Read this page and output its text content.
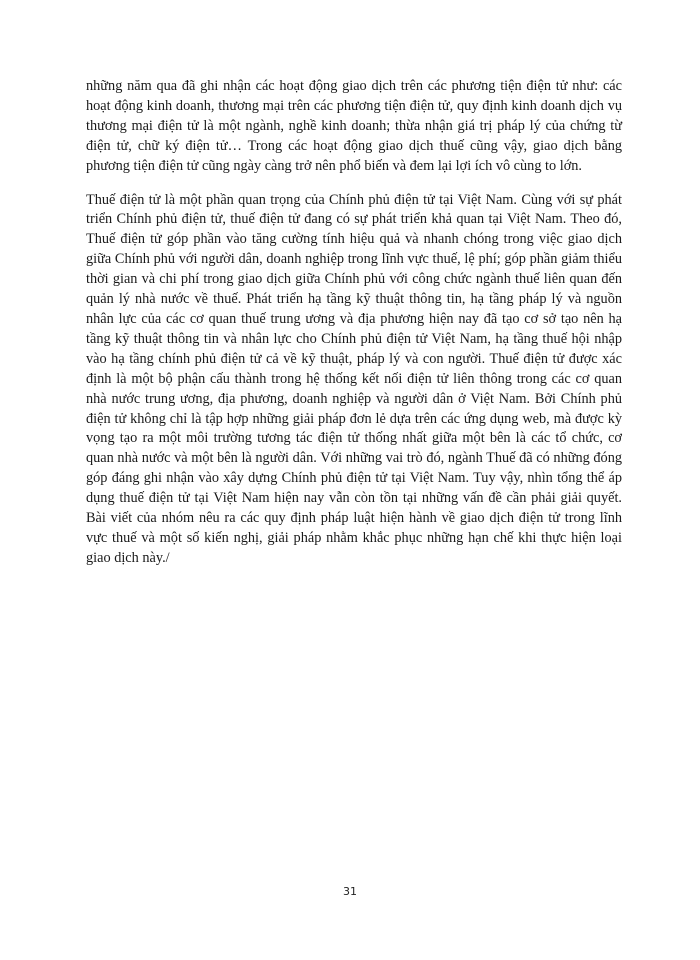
những năm qua đã ghi nhận các hoạt động giao dịch trên các phương tiện điện tử như: các hoạt động kinh doanh, thương mại trên các phương tiện điện tử, quy định kinh doanh dịch vụ thương mại điện tử là một ngành, nghề kinh doanh; thừa nhận giá trị pháp lý của chứng từ điện tử, chữ ký điện tử… Trong các hoạt động giao dịch thuế cũng vậy, giao dịch bằng phương tiện điện tử cũng ngày càng trở nên phổ biến và đem lại lợi ích vô cùng to lớn.

Thuế điện tử là một phần quan trọng của Chính phủ điện tử tại Việt Nam. Cùng với sự phát triển Chính phủ điện tử, thuế điện tử đang có sự phát triển khả quan tại Việt Nam. Theo đó, Thuế điện tử góp phần vào tăng cường tính hiệu quả và nhanh chóng trong việc giao dịch giữa Chính phủ với người dân, doanh nghiệp trong lĩnh vực thuế, lệ phí; góp phần giảm thiểu thời gian và chi phí trong giao dịch giữa Chính phủ với công chức ngành thuế liên quan đến quản lý nhà nước về thuế. Phát triển hạ tầng kỹ thuật thông tin, hạ tầng pháp lý và nguồn nhân lực của các cơ quan thuế trung ương và địa phương hiện nay đã tạo cơ sở tạo nên hạ tầng kỹ thuật thông tin và nhân lực cho Chính phủ điện tử Việt Nam, hạ tầng thuế hội nhập vào hạ tầng chính phủ điện tử cả về kỹ thuật, pháp lý và con người. Thuế điện tử được xác định là một bộ phận cấu thành trong hệ thống kết nối điện tử liên thông trong các cơ quan nhà nước trung ương, địa phương, doanh nghiệp và người dân ở Việt Nam. Bởi Chính phủ điện tử không chỉ là tập hợp những giải pháp đơn lẻ dựa trên các ứng dụng web, mà được kỳ vọng tạo ra một môi trường tương tác điện tử thống nhất giữa một bên là các tổ chức, cơ quan nhà nước và một bên là người dân. Với những vai trò đó, ngành Thuế đã có những đóng góp đáng ghi nhận vào xây dựng Chính phủ điện tử tại Việt Nam. Tuy vậy, nhìn tổng thể áp dụng thuế điện tử tại Việt Nam hiện nay vẫn còn tồn tại những vấn đề cần phải giải quyết. Bài viết của nhóm nêu ra các quy định pháp luật hiện hành về giao dịch điện tử trong lĩnh vực thuế và một số kiến nghị, giải pháp nhằm khắc phục những hạn chế khi thực hiện loại giao dịch này./

31
